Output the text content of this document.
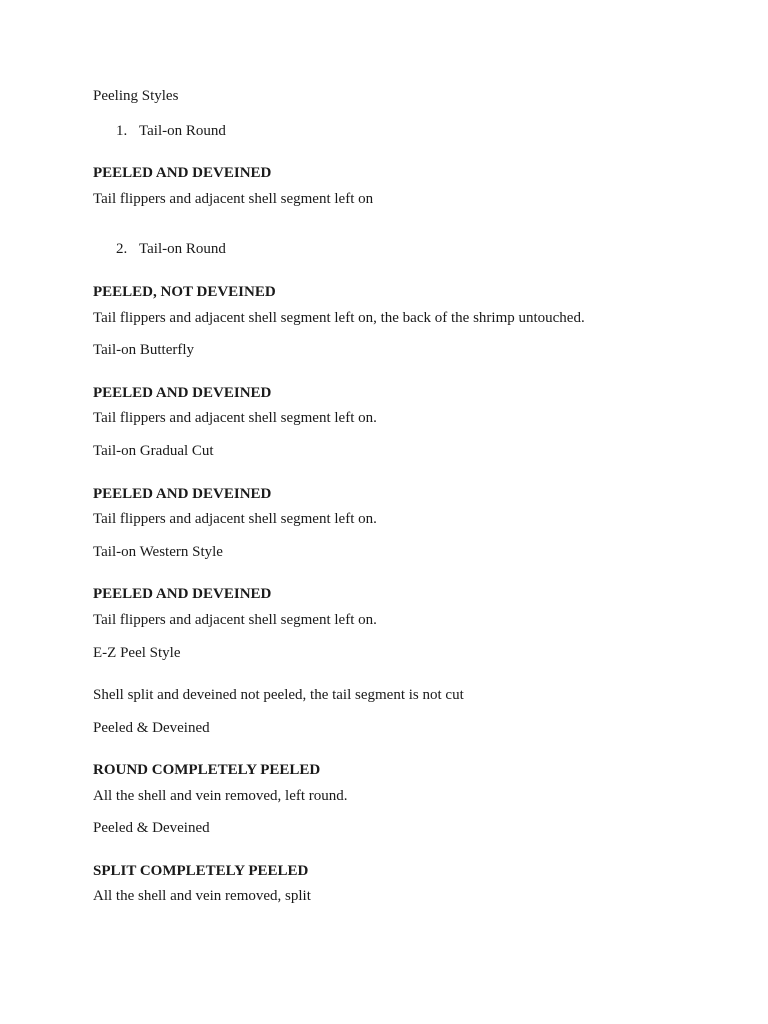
Peeling Styles
1. Tail-on Round
PEELED AND DEVEINED
Tail flippers and adjacent shell segment left on
2. Tail-on Round
PEELED, NOT DEVEINED
Tail flippers and adjacent shell segment left on, the back of the shrimp untouched.
Tail-on Butterfly
PEELED AND DEVEINED
Tail flippers and adjacent shell segment left on.
Tail-on Gradual Cut
PEELED AND DEVEINED
Tail flippers and adjacent shell segment left on.
Tail-on Western Style
PEELED AND DEVEINED
Tail flippers and adjacent shell segment left on.
E-Z Peel Style
Shell split and deveined not peeled, the tail segment is not cut
Peeled & Deveined
ROUND COMPLETELY PEELED
All the shell and vein removed, left round.
Peeled & Deveined
SPLIT COMPLETELY PEELED
All the shell and vein removed, split
